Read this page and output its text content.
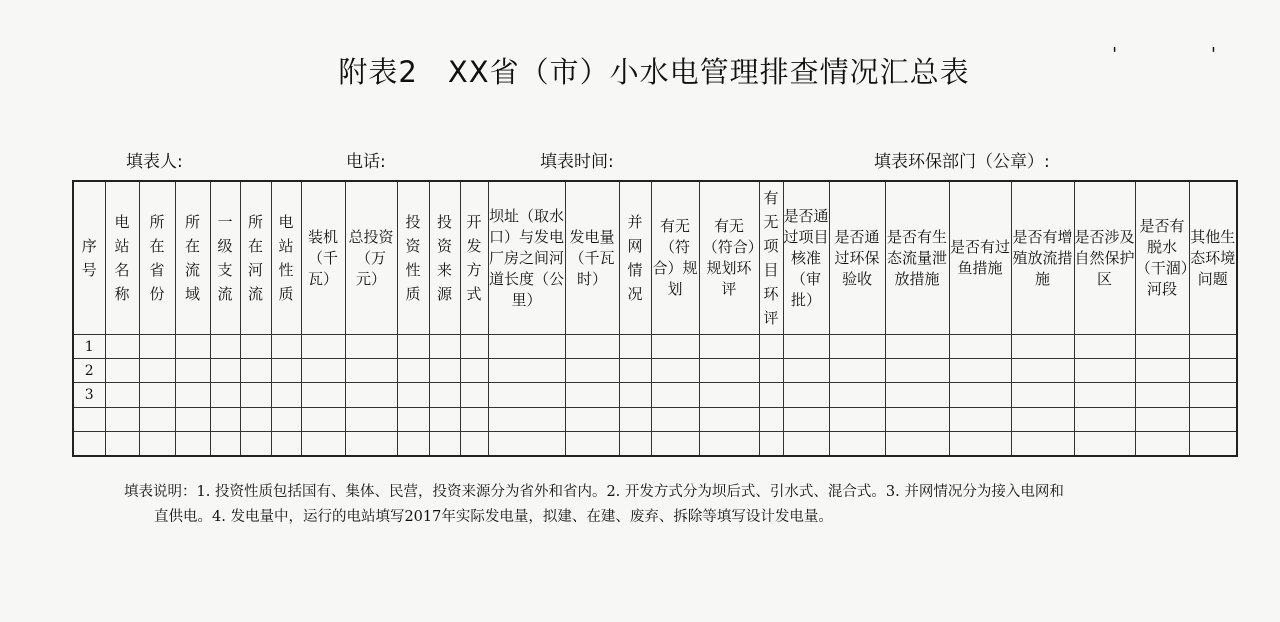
附表2　XX省（市）小水电管理排查情况汇总表
'　'
填表人:	电话:	填表时间:	填表环保部门（公章）:
序号	电站名称	所在省份	所在流域	一级支流	所在河流	电站性质	装机（千瓦）	总投资（万元）	投资性质	投资来源	开发方式	坝址（取水口）与发电厂房之间河道长度（公里）	发电量（千瓦时）	并网情况	有无（符合）规划	有无（符合）规划环评	有无项目环评	是否通过项目核准（审批）	是否通过环保验收	是否有生态流量泄放措施	是否有过鱼措施	是否有增殖放流措施	是否涉及自然保护区	是否有脱水（干涸）河段	其他生态环境问题
1																									
2																									
3																									

填表说明：1. 投资性质包括国有、集体、民营，投资来源分为省外和省内。2. 开发方式分为坝后式、引水式、混合式。3. 并网情况分为接入电网和
直供电。4. 发电量中，运行的电站填写2017年实际发电量，拟建、在建、废弃、拆除等填写设计发电量。
